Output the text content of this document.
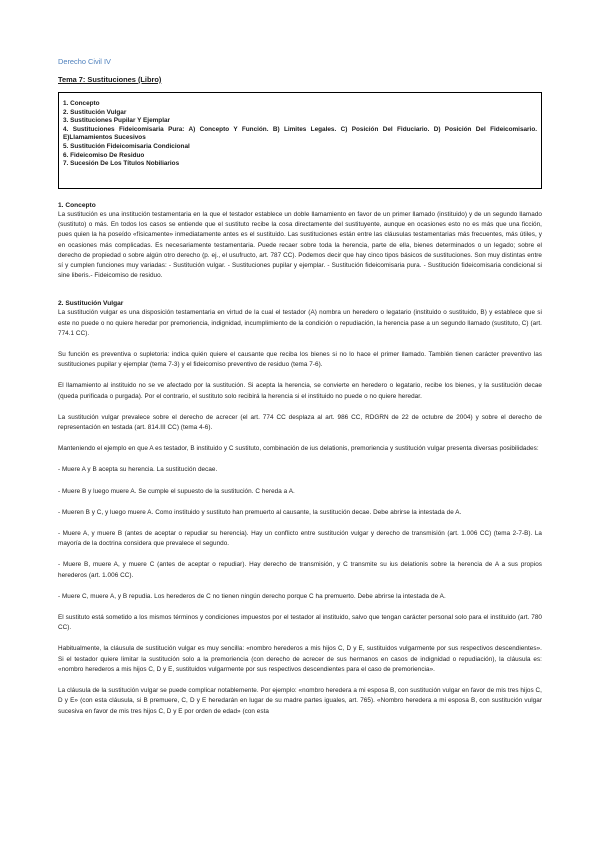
Derecho Civil IV
Tema 7: Sustituciones (Libro)
1. Concepto
2. Sustitución Vulgar
3. Sustituciones Pupilar Y Ejemplar
4. Sustituciones Fideicomisaria Pura: A) Concepto Y Función. B) Limites Legales. C) Posición Del Fiduciario. D) Posición Del Fideicomisario. E)Llamamientos Sucesivos
5. Sustitución Fideicomisaria Condicional
6. Fideicomiso De Residuo
7. Sucesión De Los Títulos Nobiliarios
1. Concepto

La sustitución es una institución testamentaria en la que el testador establece un doble llamamiento en favor de un primer llamado (instituido) y de un segundo llamado (sustituto) o más. En todos los casos se entiende que el sustituto recibe la cosa directamente del sustituyente, aunque en ocasiones esto no es más que una ficción, pues quien la ha poseído «físicamente» inmediatamente antes es el sustituido. Las sustituciones están entre las cláusulas testamentarias más frecuentes, más útiles, y en ocasiones más complicadas. Es necesariamente testamentaria. Puede recaer sobre toda la herencia, parte de ella, bienes determinados o un legado; sobre el derecho de propiedad o sobre algún otro derecho (p. ej., el usufructo, art. 787 CC). Podemos decir que hay cinco tipos básicos de sustituciones. Son muy distintas entre sí y cumplen funciones muy variadas: - Sustitución vulgar. - Sustituciones pupilar y ejemplar. - Sustitución fideicomisaria pura. - Sustitución fideicomisaria condicional si sine liberis.- Fideicomiso de residuo.

2. Sustitución Vulgar

La sustitución vulgar es una disposición testamentaria en virtud de la cual el testador (A) nombra un heredero o legatario (instituido o sustituido, B) y establece que si este no puede o no quiere heredar por premoriencia, indignidad, incumplimiento de la condición o repudiación, la herencia pase a un segundo llamado (sustituto, C) (art. 774.1 CC).

Su función es preventiva o supletoria: indica quién quiere el causante que reciba los bienes si no lo hace el primer llamado. También tienen carácter preventivo las sustituciones pupilar y ejemplar (tema 7-3) y el fideicomiso preventivo de residuo (tema 7-6).

El llamamiento al instituido no se ve afectado por la sustitución. Si acepta la herencia, se convierte en heredero o legatario, recibe los bienes, y la sustitución decae (queda purificada o purgada). Por el contrario, el sustituto solo recibirá la herencia si el instituido no puede o no quiere heredar.

La sustitución vulgar prevalece sobre el derecho de acrecer (el art. 774 CC desplaza al art. 986 CC, RDGRN de 22 de octubre de 2004) y sobre el derecho de representación en testada (art. 814.III CC) (tema 4-6).

Manteniendo el ejemplo en que A es testador, B instituido y C sustituto, combinación de ius delationis, premoriencia y sustitución vulgar presenta diversas posibilidades:

- Muere A y B acepta su herencia. La sustitución decae.

- Muere B y luego muere A. Se cumple el supuesto de la sustitución. C hereda a A.

- Mueren B y C, y luego muere A. Como instituido y sustituto han premuerto al causante, la sustitución decae. Debe abrirse la intestada de A.

- Muere A, y muere B (antes de aceptar o repudiar su herencia). Hay un conflicto entre sustitución vulgar y derecho de transmisión (art. 1.006 CC) (tema 2-7-B). La mayoría de la doctrina considera que prevalece el segundo.

- Muere B, muere A, y muere C (antes de aceptar o repudiar). Hay derecho de transmisión, y C transmite su ius delationis sobre la herencia de A a sus propios herederos (art. 1.006 CC).

- Muere C, muere A, y B repudia. Los herederos de C no tienen ningún derecho porque C ha premuerto. Debe abrirse la intestada de A.

El sustituto está sometido a los mismos términos y condiciones impuestos por el testador al instituido, salvo que tengan carácter personal solo para el instituido (art. 780 CC).

Habitualmente, la cláusula de sustitución vulgar es muy sencilla: «nombro herederos a mis hijos C, D y E, sustituidos vulgarmente por sus respectivos descendientes». Si el testador quiere limitar la sustitución solo a la premoriencia (con derecho de acrecer de sus hermanos en casos de indignidad o repudiación), la cláusula es: «nombro herederos a mis hijos C, D y E, sustituidos vulgarmente por sus respectivos descendientes para el caso de premoriencia».

La cláusula de la sustitución vulgar se puede complicar notablemente. Por ejemplo: «nombro heredera a mi esposa B, con sustitución vulgar en favor de mis tres hijos C, D y E» (con esta cláusula, si B premuere, C, D y E heredarán en lugar de su madre partes iguales, art. 765). «Nombro heredera a mi esposa B, con sustitución vulgar sucesiva en favor de mis tres hijos C, D y E por orden de edad» (con esta
